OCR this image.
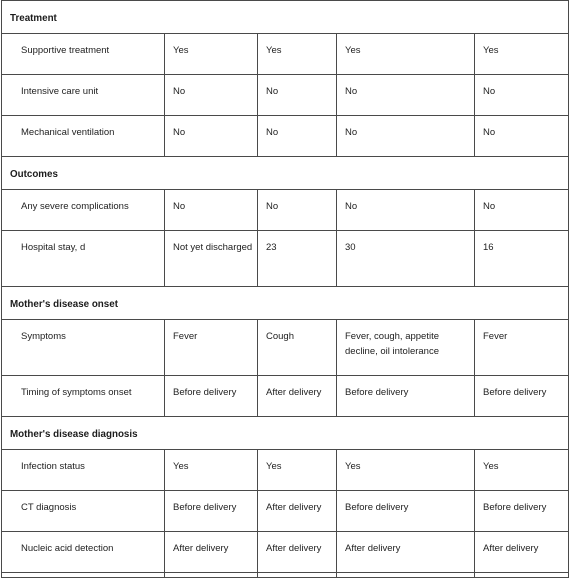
Treatment				
Supportive treatment	Yes	Yes	Yes	Yes
Intensive care unit	No	No	No	No
Mechanical ventilation	No	No	No	No
Outcomes				
Any severe complications	No	No	No	No
Hospital stay, d	Not yet discharged	23	30	16
Mother's disease onset				
Symptoms	Fever	Cough	Fever, cough, appetite decline, oil intolerance	Fever
Timing of symptoms onset	Before delivery	After delivery	Before delivery	Before delivery
Mother's disease diagnosis				
Infection status	Yes	Yes	Yes	Yes
CT diagnosis	Before delivery	After delivery	Before delivery	Before delivery
Nucleic acid detection	After delivery	After delivery	After delivery	After delivery
